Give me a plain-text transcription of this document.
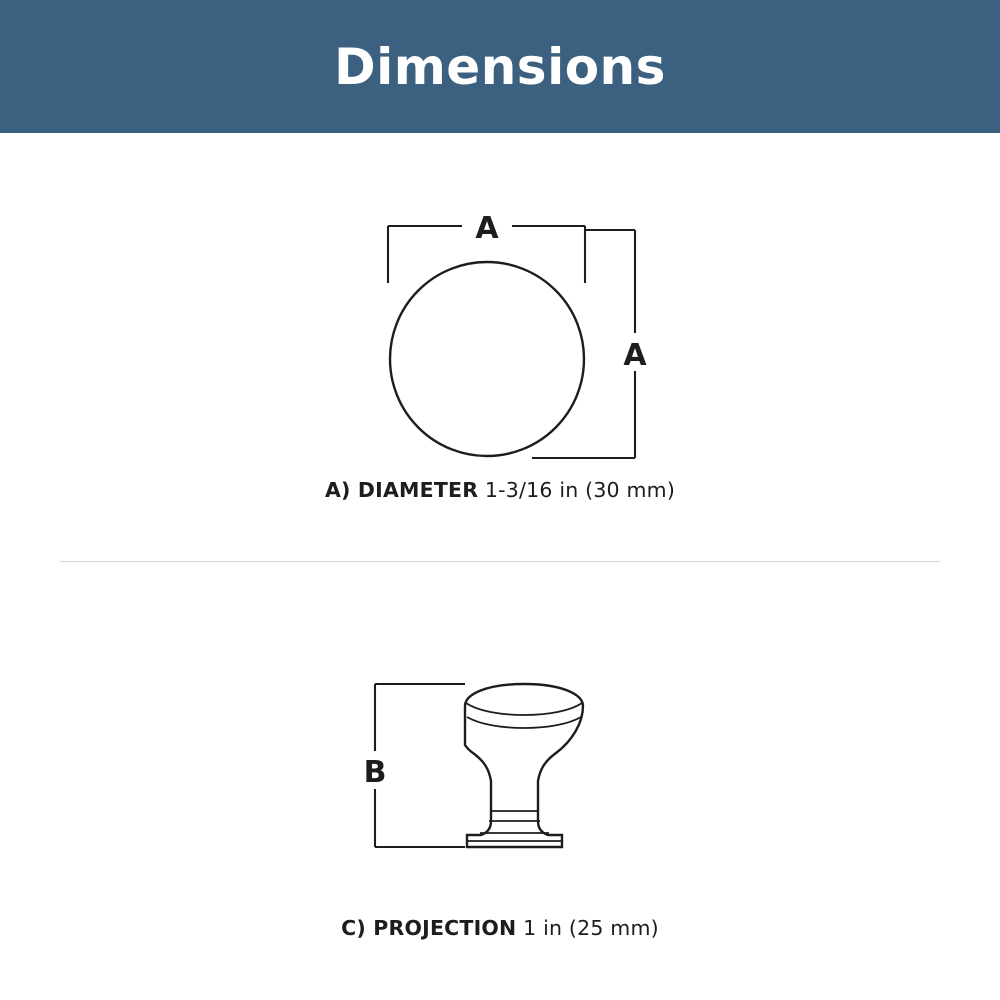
Dimensions
A
A
A) DIAMETER 1-3/16 in (30 mm)
B
C) PROJECTION 1 in (25 mm)
